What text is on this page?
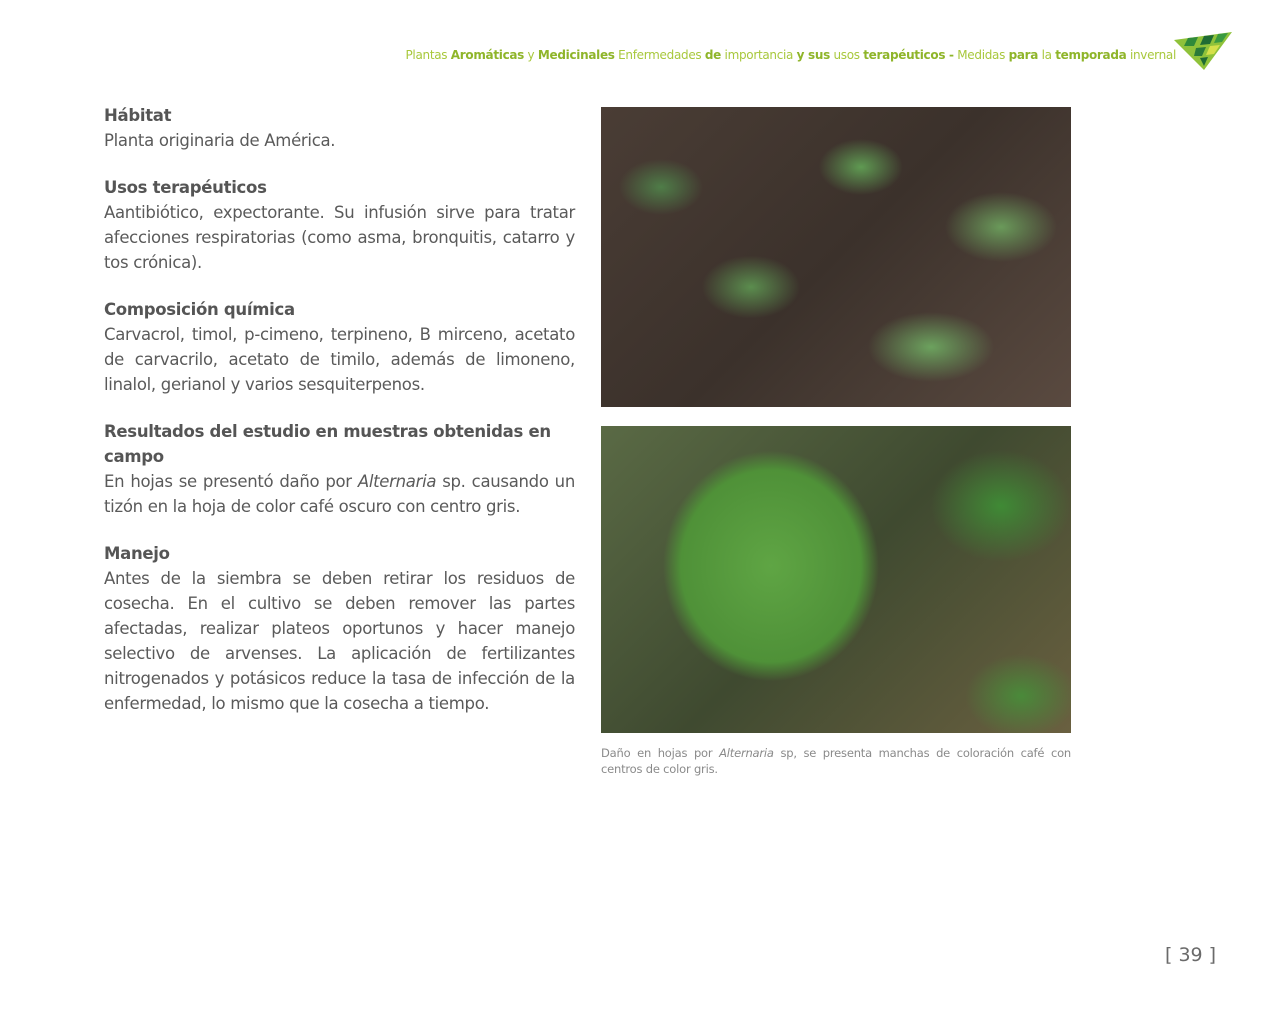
Plantas Aromáticas y Medicinales Enfermedades de importancia y sus usos terapéuticos - Medidas para la temporada invernal
Hábitat

Planta originaria de América.

Usos terapéuticos

Aantibiótico, expectorante. Su infusión sirve para tratar afecciones respiratorias (como asma, bronquitis, catarro y tos crónica).

Composición química

Carvacrol, timol, p-cimeno, terpineno, B mirceno, acetato de carvacrilo, acetato de timilo, además de limoneno, linalol, gerianol y varios sesquiterpenos.

Resultados del estudio en muestras obtenidas en campo

En hojas se presentó daño por Alternaria sp. causando un tizón en la hoja de color café oscuro con centro gris.

Manejo

Antes de la siembra se deben retirar los residuos de cosecha. En el cultivo se deben remover las partes afectadas, realizar plateos oportunos y hacer manejo selectivo de arvenses. La aplicación de fertilizantes nitrogenados y potásicos reduce la tasa de infección de la enfermedad, lo mismo que la cosecha a tiempo.

Daño en hojas por Alternaria sp, se presenta manchas de coloración café con centros de color gris.
[ 39 ]
